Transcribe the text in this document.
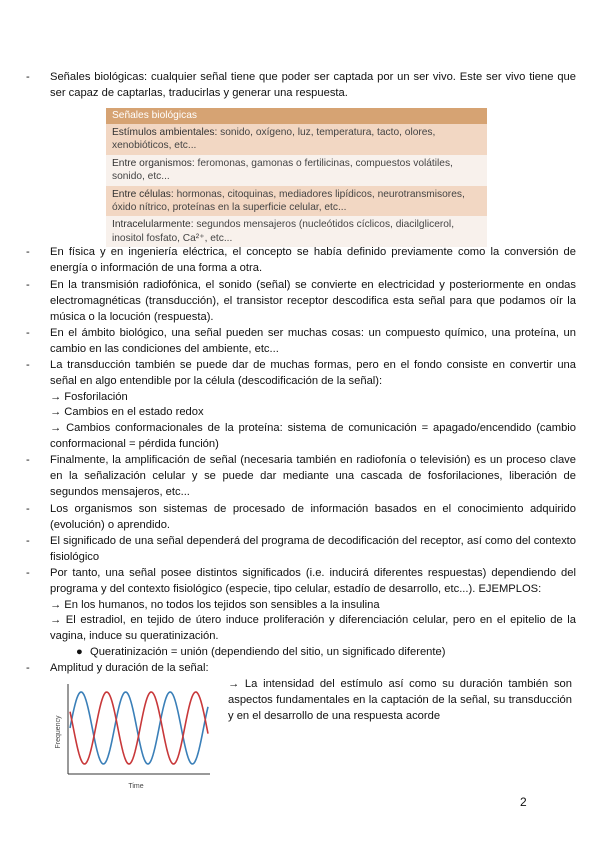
-	Señales biológicas: cualquier señal tiene que poder ser captada por un ser vivo. Este ser vivo tiene que ser capaz de captarlas, traducirlas y generar una respuesta.
Señales biológicas
Estímulos ambientales: sonido, oxígeno, luz, temperatura, tacto, olores, xenobióticos, etc...
Entre organismos: feromonas, gamonas o fertilicinas, compuestos volátiles, sonido, etc...
Entre células: hormonas, citoquinas, mediadores lipídicos, neurotransmisores, óxido nítrico, proteínas en la superficie celular, etc...
Intracelularmente: segundos mensajeros (nucleótidos cíclicos, diacilglicerol, inositol fosfato, Ca²⁺, etc...
-	En física y en ingeniería eléctrica, el concepto se había definido previamente como la conversión de energía o información de una forma a otra.
-	En la transmisión radiofónica, el sonido (señal) se convierte en electricidad y posteriormente en ondas electromagnéticas (transducción), el transistor receptor descodifica esta señal para que podamos oír la música o la locución (respuesta).
-	En el ámbito biológico, una señal pueden ser muchas cosas: un compuesto químico, una proteína, un cambio en las condiciones del ambiente, etc...
-	La transducción también se puede dar de muchas formas, pero en el fondo consiste en convertir una señal en algo entendible por la célula (descodificación de la señal):
→ Fosforilación
→ Cambios en el estado redox
→ Cambios conformacionales de la proteína: sistema de comunicación = apagado/encendido (cambio conformacional = pérdida función)
-	Finalmente, la amplificación de señal (necesaria también en radiofonía o televisión) es un proceso clave en la señalización celular y se puede dar mediante una cascada de fosforilaciones, liberación de segundos mensajeros, etc...
-	Los organismos son sistemas de procesado de información basados en el conocimiento adquirido (evolución) o aprendido.
-	El significado de una señal dependerá del programa de decodificación del receptor, así como del contexto fisiológico
-	Por tanto, una señal posee distintos significados (i.e. inducirá diferentes respuestas) dependiendo del programa y del contexto fisiológico (especie, tipo celular, estadío de desarrollo, etc...). EJEMPLOS:
→ En los humanos, no todos los tejidos son sensibles a la insulina
→ El estradiol, en tejido de útero induce proliferación y diferenciación celular, pero en el epitelio de la vagina, induce su queratinización.
● Queratinización = unión (dependiendo del sitio, un significado diferente)
-	Amplitud y duración de la señal:
Frequency
Time
→ La intensidad del estímulo así como su duración también son aspectos fundamentales en la captación de la señal, su transducción y en el desarrollo de una respuesta acorde
2
